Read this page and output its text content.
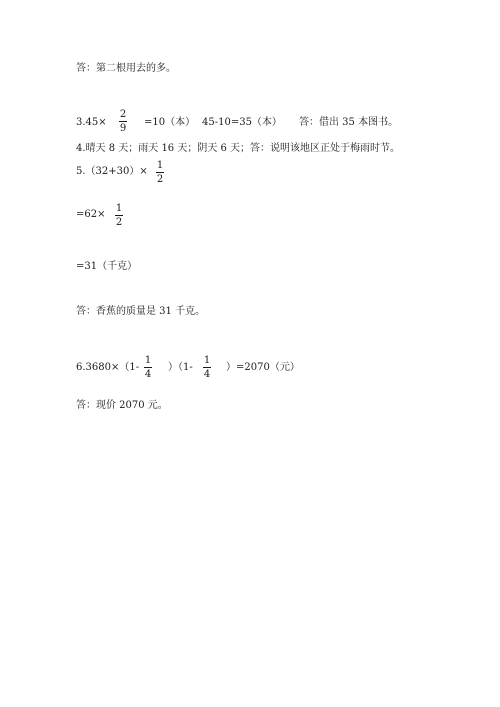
答：第二根用去的多。
3.45×
2
9
=10（本） 45-10=35（本） 答：借出 35 本图书。
4.晴天 8 天；雨天 16 天；阴天 6 天；答：说明该地区正处于梅雨时节。
5.（32+30）×
1
2
=62×
1
2
=31（千克）
答：香蕉的质量是 31 千克。
6.3680×（1-
1
4
）（1-
1
4
）=2070（元）
答：现价 2070 元。
